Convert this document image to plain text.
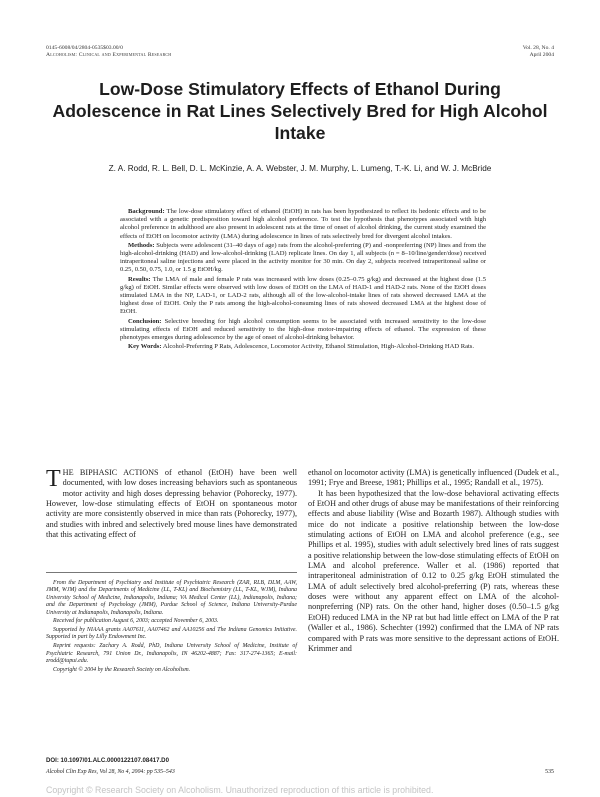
0145-6008/04/2804-0535$03.00/0
Alcoholism: Clinical and Experimental Research
Vol. 28, No. 4
April 2004
Low-Dose Stimulatory Effects of Ethanol During Adolescence in Rat Lines Selectively Bred for High Alcohol Intake
Z. A. Rodd, R. L. Bell, D. L. McKinzie, A. A. Webster, J. M. Murphy, L. Lumeng, T.-K. Li, and W. J. McBride

Background: The low-dose stimulatory effect of ethanol (EtOH) in rats has been hypothesized to reflect its hedonic effects and to be associated with a genetic predisposition toward high alcohol preference. To test the hypothesis that phenotypes associated with high alcohol preference in adulthood are also present in adolescent rats at the time of onset of alcohol drinking, the current study examined the effects of EtOH on locomotor activity (LMA) during adolescence in lines of rats selectively bred for divergent alcohol intakes.

Methods: Subjects were adolescent (31–40 days of age) rats from the alcohol-preferring (P) and -nonpreferring (NP) lines and from the high-alcohol-drinking (HAD) and low-alcohol-drinking (LAD) replicate lines. On day 1, all subjects (n = 8–10/line/gender/dose) received intraperitoneal saline injections and were placed in the activity monitor for 30 min. On day 2, subjects received intraperitoneal saline or 0.25, 0.50, 0.75, 1.0, or 1.5 g EtOH/kg.

Results: The LMA of male and female P rats was increased with low doses (0.25–0.75 g/kg) and decreased at the highest dose (1.5 g/kg) of EtOH. Similar effects were observed with low doses of EtOH on the LMA of HAD-1 and HAD-2 rats. None of the EtOH doses stimulated LMA in the NP, LAD-1, or LAD-2 rats, although all of the low-alcohol-intake lines of rats showed decreased LMA at the highest dose of EtOH. Only the P rats among the high-alcohol-consuming lines of rats showed decreased LMA at the highest dose of EtOH.

Conclusion: Selective breeding for high alcohol consumption seems to be associated with increased sensitivity to the low-dose stimulating effects of EtOH and reduced sensitivity to the high-dose motor-impairing effects of ethanol. The expression of these phenotypes emerges during adolescence by the age of onset of alcohol-drinking behavior.

Key Words: Alcohol-Preferring P Rats, Adolescence, Locomotor Activity, Ethanol Stimulation, High-Alcohol-Drinking HAD Rats.

THE BIPHASIC ACTIONS of ethanol (EtOH) have been well documented, with low doses increasing behaviors such as spontaneous motor activity and high doses depressing behavior (Pohorecky, 1977). However, low-dose stimulating effects of EtOH on spontaneous motor activity are more consistently observed in mice than rats (Pohorecky, 1977), and studies with inbred and selectively bred mouse lines have demonstrated that this activating effect of

ethanol on locomotor activity (LMA) is genetically influenced (Dudek et al., 1991; Frye and Breese, 1981; Phillips et al., 1995; Randall et al., 1975).

It has been hypothesized that the low-dose behavioral activating effects of EtOH and other drugs of abuse may be manifestations of their reinforcing effects and abuse liability (Wise and Bozarth 1987). Although studies with mice do not indicate a positive relationship between the low-dose stimulating actions of EtOH on LMA and alcohol preference (e.g., see Phillips et al. 1995), studies with adult selectively bred lines of rats suggest a positive relationship between the low-dose stimulating effects of EtOH on LMA and alcohol preference. Waller et al. (1986) reported that intraperitoneal administration of 0.12 to 0.25 g/kg EtOH stimulated the LMA of adult selectively bred alcohol-preferring (P) rats, whereas these doses were without any apparent effect on LMA of the alcohol-nonpreferring (NP) rats. On the other hand, higher doses (0.50–1.5 g/kg EtOH) reduced LMA in the NP rat but had little effect on LMA of the P rat (Waller et al., 1986). Schechter (1992) confirmed that the LMA of NP rats compared with P rats was more sensitive to the depressant actions of EtOH. Krimmer and

From the Department of Psychiatry and Institute of Psychiatric Research (ZAR, RLB, DLM, AAW, JMM, WJM) and the Departments of Medicine (LL, T-KL) and Biochemistry (LL, T-KL, WJM), Indiana University School of Medicine, Indianapolis, Indiana; VA Medical Center (LL), Indianapolis, Indiana; and the Department of Psychology (JMM), Purdue School of Science, Indiana University-Purdue University at Indianapolis, Indianapolis, Indiana.

Received for publication August 6, 2003; accepted November 6, 2003.

Supported by NIAAA grants AA07611, AA07462 and AA10256 and The Indiana Genomics Initiative. Supported in part by Lilly Endowment Inc.

Reprint requests: Zachary A. Rodd, PhD, Indiana University School of Medicine, Institute of Psychiatric Research, 791 Union Dr., Indianapolis, IN 46202-4887; Fax: 317-274-1365; E-mail: zrodd@iupui.edu.

Copyright © 2004 by the Research Society on Alcoholism.

DOI: 10.1097/01.ALC.0000122107.08417.D0
Alcohol Clin Exp Res, Vol 28, No 4, 2004: pp 535–543	535
Copyright © Research Society on Alcoholism. Unauthorized reproduction of this article is prohibited.
